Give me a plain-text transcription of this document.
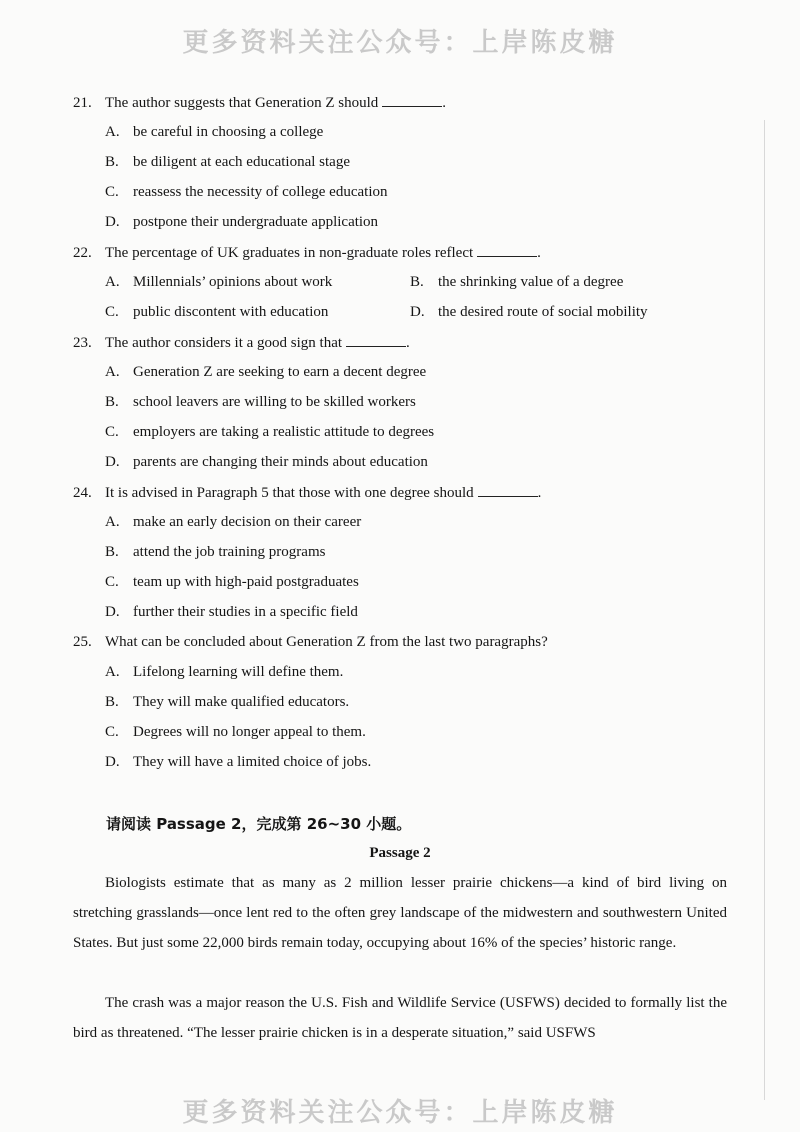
更多资料关注公众号：上岸陈皮糖
21. The author suggests that Generation Z should	.
A. be careful in choosing a college
B. be diligent at each educational stage
C. reassess the necessity of college education
D. postpone their undergraduate application
22. The percentage of UK graduates in non-graduate roles reflect	.
A. Millennials’ opinions about work	B. the shrinking value of a degree
C. public discontent with education	D. the desired route of social mobility
23. The author considers it a good sign that	.
A. Generation Z are seeking to earn a decent degree
B. school leavers are willing to be skilled workers
C. employers are taking a realistic attitude to degrees
D. parents are changing their minds about education
24. It is advised in Paragraph 5 that those with one degree should	.
A. make an early decision on their career
B. attend the job training programs
C. team up with high-paid postgraduates
D. further their studies in a specific field
25. What can be concluded about Generation Z from the last two paragraphs?
A. Lifelong learning will define them.
B. They will make qualified educators.
C. Degrees will no longer appeal to them.
D. They will have a limited choice of jobs.
请阅读 Passage 2，完成第 26~30 小题。
Passage 2

Biologists estimate that as many as 2 million lesser prairie chickens—a kind of bird living on stretching grasslands—once lent red to the often grey landscape of the midwestern and southwestern United States. But just some 22,000 birds remain today, occupying about 16% of the species’ historic range.

The crash was a major reason the U.S. Fish and Wildlife Service (USFWS) decided to formally list the bird as threatened. “The lesser prairie chicken is in a desperate situation,” said USFWS

更多资料关注公众号：上岸陈皮糖
